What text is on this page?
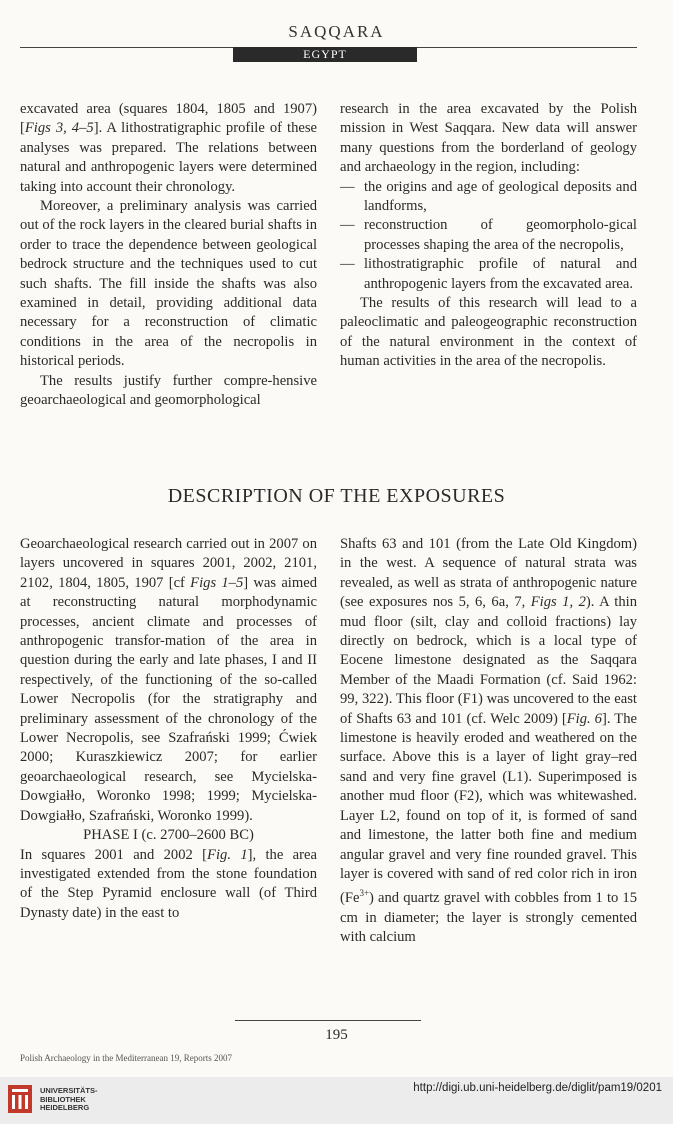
SAQQARA
EGYPT

excavated area (squares 1804, 1805 and 1907) [Figs 3, 4–5]. A lithostratigraphic profile of these analyses was prepared. The relations between natural and anthropogenic layers were determined taking into account their chronology.

Moreover, a preliminary analysis was carried out of the rock layers in the cleared burial shafts in order to trace the dependence between geological bedrock structure and the techniques used to cut such shafts. The fill inside the shafts was also examined in detail, providing additional data necessary for a reconstruction of climatic conditions in the area of the necropolis in historical periods.

The results justify further compre-hensive geoarchaeological and geomorphological

research in the area excavated by the Polish mission in West Saqqara. New data will answer many questions from the borderland of geology and archaeology in the region, including:

— the origins and age of geological deposits and landforms,

— reconstruction of geomorpholo-gical processes shaping the area of the necropolis,

— lithostratigraphic profile of natural and anthropogenic layers from the excavated area.

The results of this research will lead to a paleoclimatic and paleogeographic reconstruction of the natural environment in the context of human activities in the area of the necropolis.

DESCRIPTION OF THE EXPOSURES

Geoarchaeological research carried out in 2007 on layers uncovered in squares 2001, 2002, 2101, 2102, 1804, 1805, 1907 [cf Figs 1–5] was aimed at reconstructing natural morphodynamic processes, ancient climate and processes of anthropogenic transfor-mation of the area in question during the early and late phases, I and II respectively, of the functioning of the so-called Lower Necropolis (for the stratigraphy and preliminary assessment of the chronology of the Lower Necropolis, see Szafrański 1999; Ćwiek 2000; Kuraszkiewicz 2007; for earlier geoarchaeological research, see Mycielska-Dowgiałło, Woronko 1998; 1999; Mycielska-Dowgiałło, Szafrański, Woronko 1999).

PHASE I (c. 2700–2600 BC)

In squares 2001 and 2002 [Fig. 1], the area investigated extended from the stone foundation of the Step Pyramid enclosure wall (of Third Dynasty date) in the east to

Shafts 63 and 101 (from the Late Old Kingdom) in the west. A sequence of natural strata was revealed, as well as strata of anthropogenic nature (see exposures nos 5, 6, 6a, 7, Figs 1, 2). A thin mud floor (silt, clay and colloid fractions) lay directly on bedrock, which is a local type of Eocene limestone designated as the Saqqara Member of the Maadi Formation (cf. Said 1962: 99, 322). This floor (F1) was uncovered to the east of Shafts 63 and 101 (cf. Welc 2009) [Fig. 6]. The limestone is heavily eroded and weathered on the surface. Above this is a layer of light gray–red sand and very fine gravel (L1). Superimposed is another mud floor (F2), which was whitewashed. Layer L2, found on top of it, is formed of sand and limestone, the latter both fine and medium angular gravel and very fine rounded gravel. This layer is covered with sand of red color rich in iron $(Fe^{3+})$ and quartz gravel with cobbles from 1 to 15 cm in diameter; the layer is strongly cemented with calcium

195
Polish Archaeology in the Mediterranean 19, Reports 2007
UNIVERSITÄTS-
BIBLIOTHEK
HEIDELBERG
http://digi.ub.uni-heidelberg.de/diglit/pam19/0201
